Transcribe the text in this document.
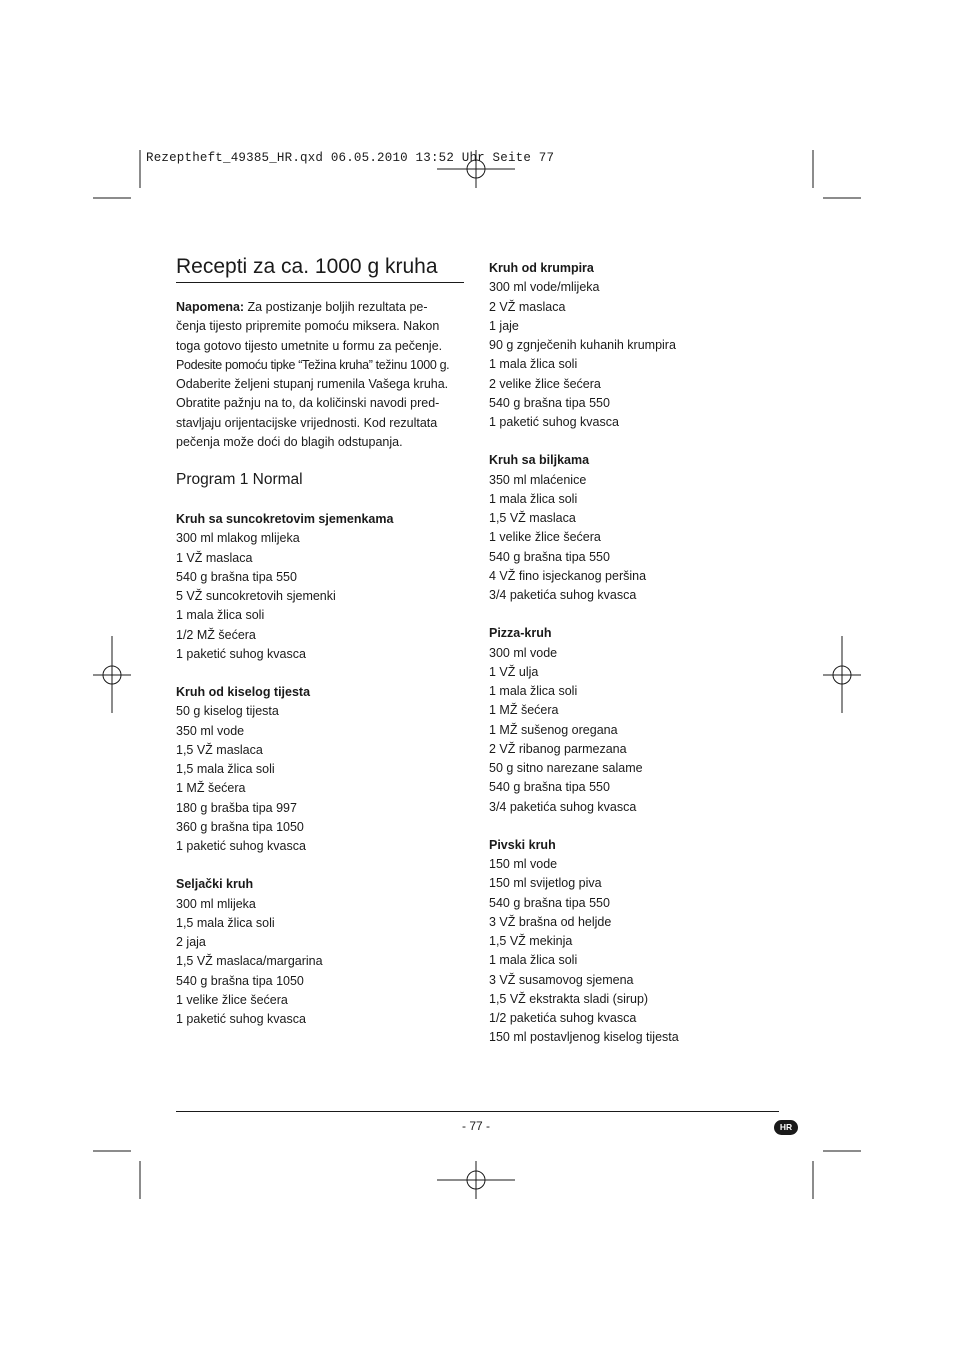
Rezeptheft_49385_HR.qxd 06.05.2010 13:52 Uhr Seite 77
Recepti za ca. 1000 g kruha

Napomena: Za postizanje boljih rezultata pe-
čenja tijesto pripremite pomoću miksera. Nakon
toga gotovo tijesto umetnite u formu za pečenje.
Podesite pomoću tipke “Težina kruha” težinu 1000 g.
Odaberite željeni stupanj rumenila Vašega kruha.
Obratite pažnju na to, da količinski navodi pred-
stavljaju orijentacijske vrijednosti. Kod rezultata
pečenja može doći do blagih odstupanja.

Program 1 Normal
Kruh sa suncokretovim sjemenkama
300 ml mlakog mlijeka
1 VŽ maslaca
540 g brašna tipa 550
5 VŽ suncokretovih sjemenki
1 mala žlica soli
1/2 MŽ šećera
1 paketić suhog kvasca
Kruh od kiselog tijesta
50 g kiselog tijesta
350 ml vode
1,5 VŽ maslaca
1,5 mala žlica soli
1 MŽ šećera
180 g brašba tipa 997
360 g brašna tipa 1050
1 paketić suhog kvasca
Seljački kruh
300 ml mlijeka
1,5 mala žlica soli
2 jaja
1,5 VŽ maslaca/margarina
540 g brašna tipa 1050
1 velike žlice šećera
1 paketić suhog kvasca
Kruh od krumpira
300 ml vode/mlijeka
2 VŽ maslaca
1 jaje
90 g zgnječenih kuhanih krumpira
1 mala žlica soli
2 velike žlice šećera
540 g brašna tipa 550
1 paketić suhog kvasca
Kruh sa biljkama
350 ml mlaćenice
1 mala žlica soli
1,5 VŽ maslaca
1 velike žlice šećera
540 g brašna tipa 550
4 VŽ fino isjeckanog peršina
3/4 paketića suhog kvasca
Pizza-kruh
300 ml vode
1 VŽ ulja
1 mala žlica soli
1 MŽ šećera
1 MŽ sušenog oregana
2 VŽ ribanog parmezana
50 g sitno narezane salame
540 g brašna tipa 550
3/4 paketića suhog kvasca
Pivski kruh
150 ml vode
150 ml svijetlog piva
540 g brašna tipa 550
3 VŽ brašna od heljde
1,5 VŽ mekinja
1 mala žlica soli
3 VŽ susamovog sjemena
1,5 VŽ ekstrakta sladi (sirup)
1/2 paketića suhog kvasca
150 ml postavljenog kiselog tijesta
- 77 -	HR
